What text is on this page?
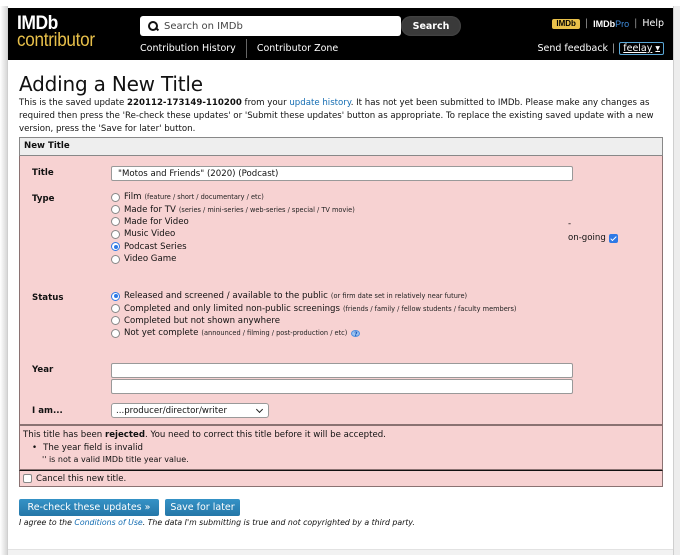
IMDb
contributor
Search on IMDb
Search
Contribution History	Contributor Zone
IMDb | IMDbPro | Help
Send feedback | feelay ▼
Adding a New Title

This is the saved update 220112-173149-110200 from your update history. It has not yet been submitted to IMDb. Please make any changes as required then press the 'Re-check these updates' or 'Submit these updates' button as appropriate. To replace the existing saved update with a new version, press the 'Save for later' button.

New Title
Title
"Motos and Friends" (2020) (Podcast)
Type	Film (feature / short / documentary / etc)
Made for TV (series / mini-series / web-series / special / TV movie)
Made for Video
Music Video
Podcast Series
Video Game
Status	Released and screened / available to the public (or firm date set in relatively near future)
Completed and only limited non-public screenings (friends / family / fellow students / faculty members)
Completed but not shown anywhere
Not yet complete (announced / filming / post-production / etc)	?
Year
I am...	...producer/director/writer
-
on-going
This title has been rejected. You need to correct this title before it will be accepted.
• The year field is invalid
'' is not a valid IMDb title year value.
Cancel this new title.
Re-check these updates »	Save for later

I agree to the Conditions of Use. The data I'm submitting is true and not copyrighted by a third party.
